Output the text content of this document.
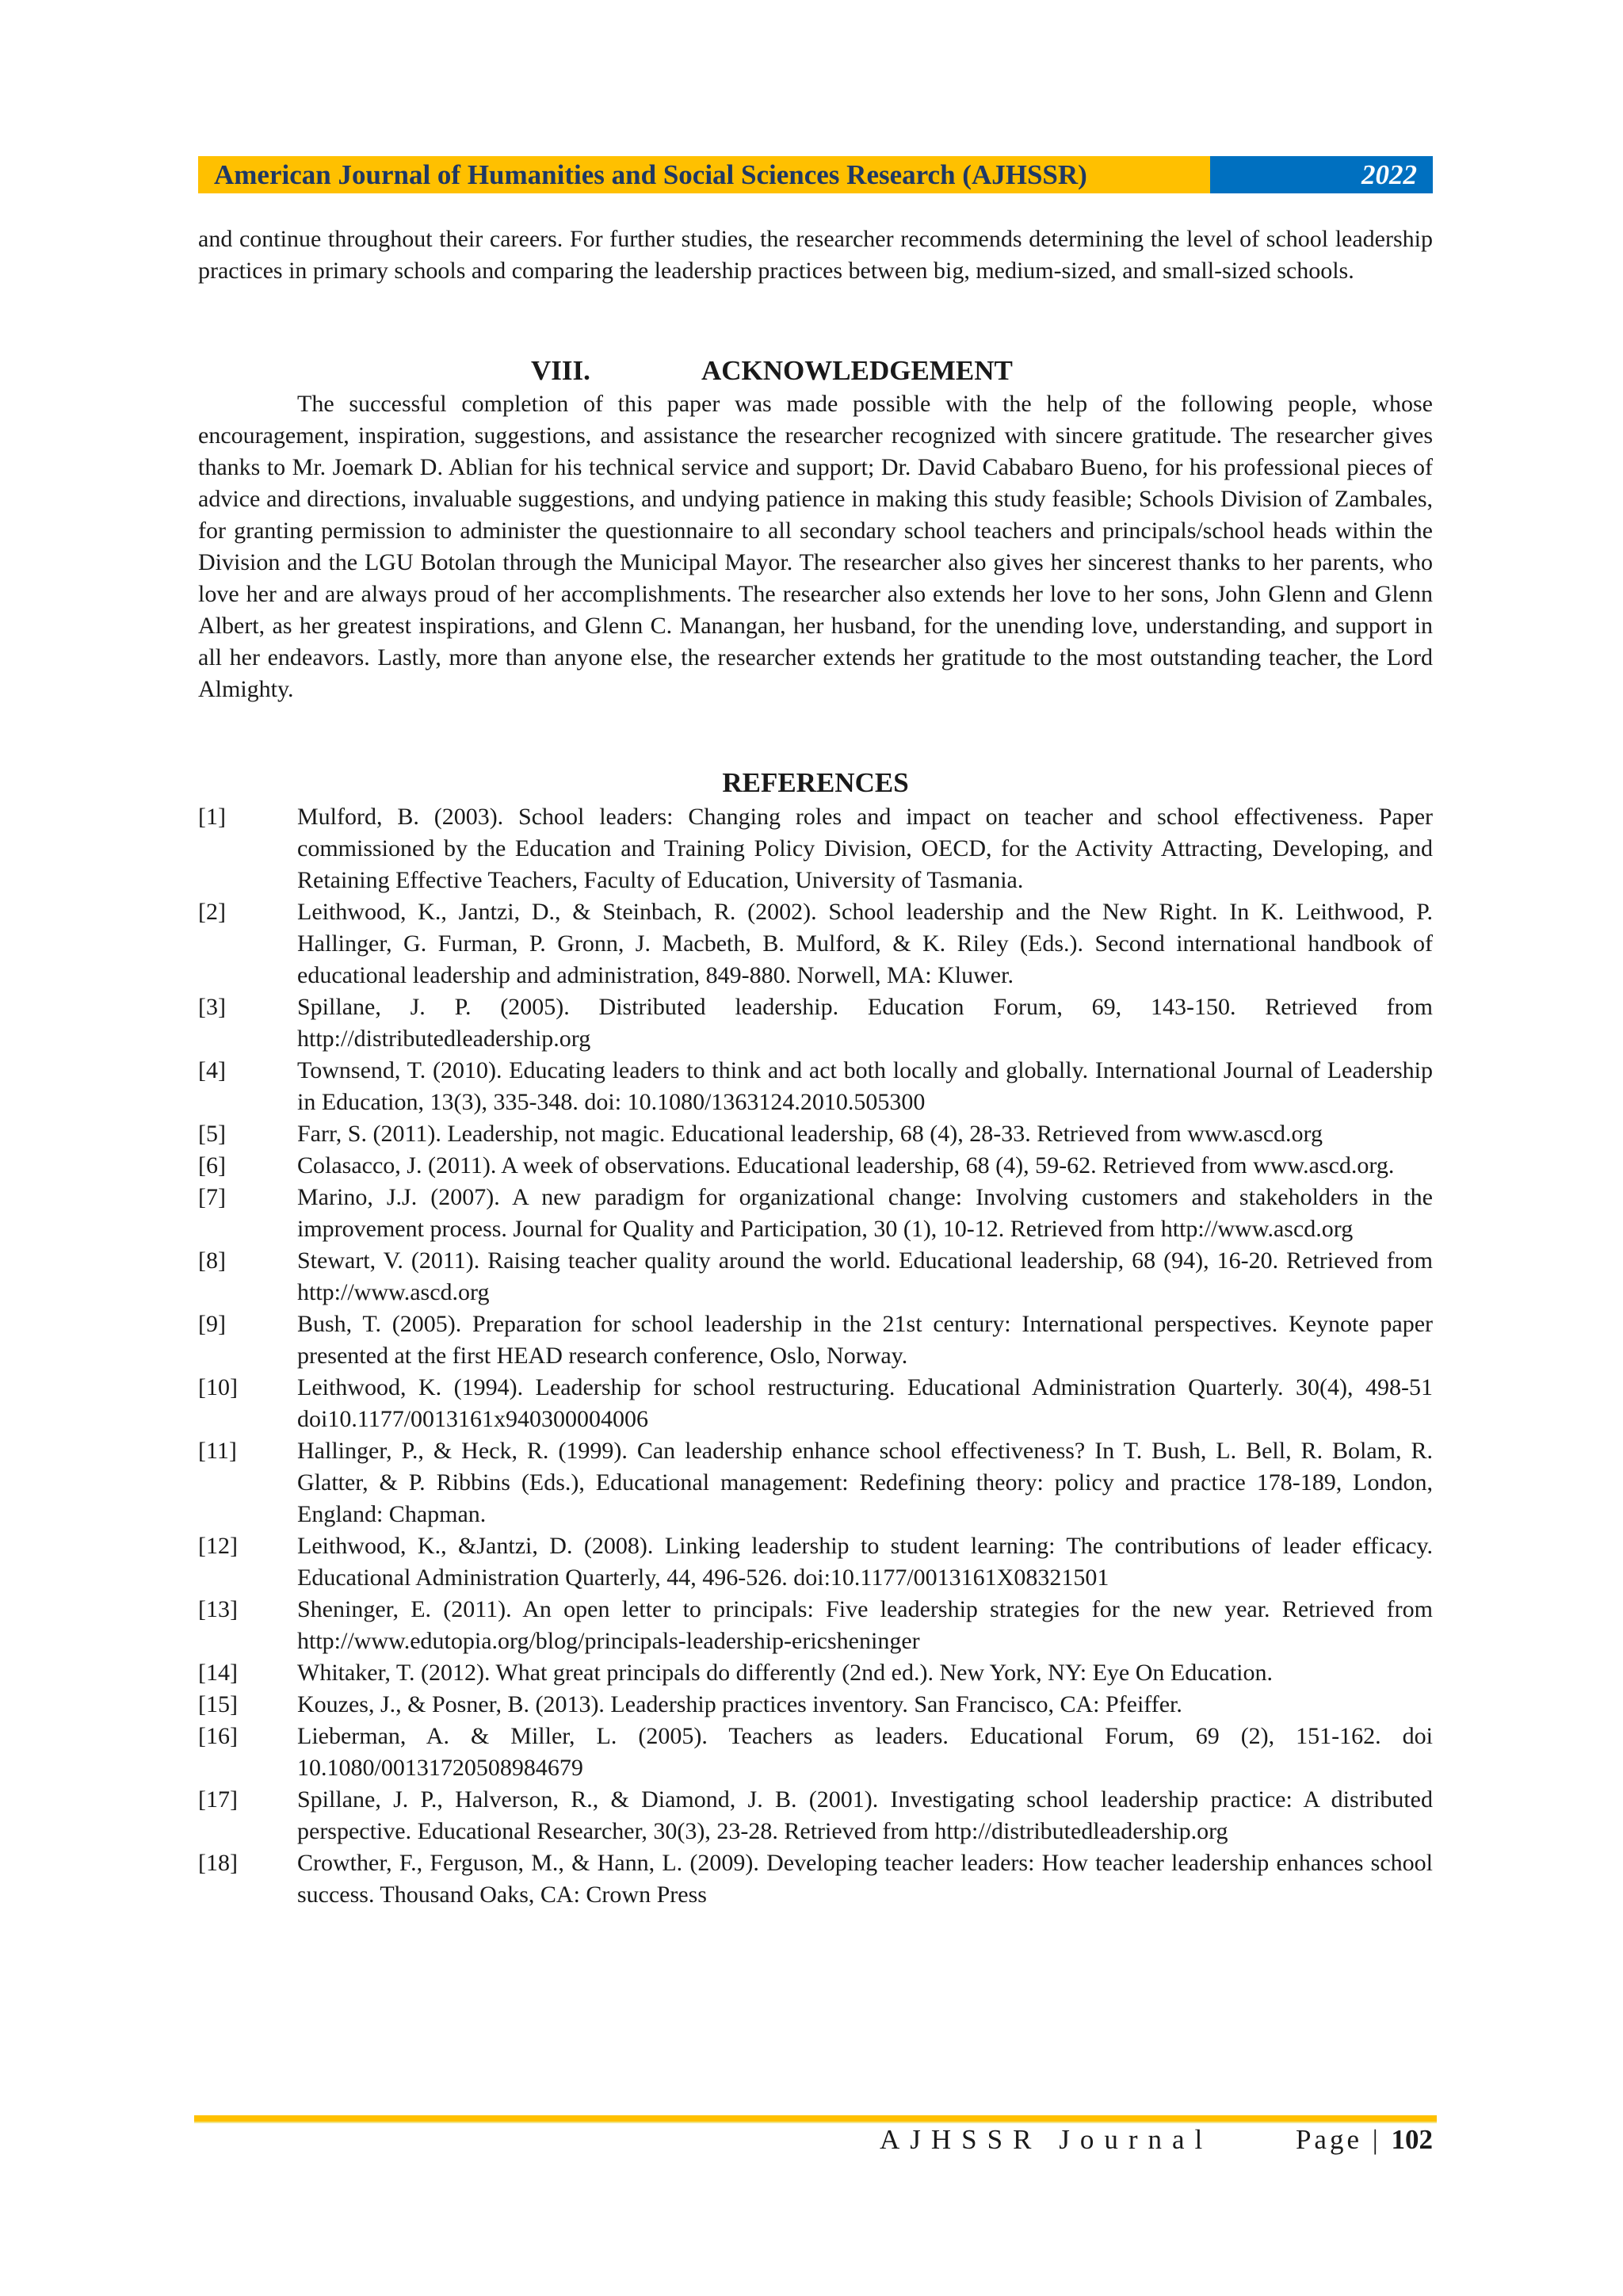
American Journal of Humanities and Social Sciences Research (AJHSSR)	2022

and continue throughout their careers. For further studies, the researcher recommends determining the level of school leadership practices in primary schools and comparing the leadership practices between big, medium-sized, and small-sized schools.

VIII.	ACKNOWLEDGEMENT

The successful completion of this paper was made possible with the help of the following people, whose encouragement, inspiration, suggestions, and assistance the researcher recognized with sincere gratitude. The researcher gives thanks to Mr. Joemark D. Ablian for his technical service and support; Dr. David Cababaro Bueno, for his professional pieces of advice and directions, invaluable suggestions, and undying patience in making this study feasible; Schools Division of Zambales, for granting permission to administer the questionnaire to all secondary school teachers and principals/school heads within the Division and the LGU Botolan through the Municipal Mayor. The researcher also gives her sincerest thanks to her parents, who love her and are always proud of her accomplishments. The researcher also extends her love to her sons, John Glenn and Glenn Albert, as her greatest inspirations, and Glenn C. Manangan, her husband, for the unending love, understanding, and support in all her endeavors. Lastly, more than anyone else, the researcher extends her gratitude to the most outstanding teacher, the Lord Almighty.

REFERENCES
[1]	Mulford, B. (2003). School leaders: Changing roles and impact on teacher and school effectiveness. Paper commissioned by the Education and Training Policy Division, OECD, for the Activity Attracting, Developing, and Retaining Effective Teachers, Faculty of Education, University of Tasmania.
[2]	Leithwood, K., Jantzi, D., & Steinbach, R. (2002). School leadership and the New Right. In K. Leithwood, P. Hallinger, G. Furman, P. Gronn, J. Macbeth, B. Mulford, & K. Riley (Eds.). Second international handbook of educational leadership and administration, 849-880. Norwell, MA: Kluwer.
[3]	Spillane, J. P. (2005). Distributed leadership. Education Forum, 69, 143-150. Retrieved from http://distributedleadership.org
[4]	Townsend, T. (2010). Educating leaders to think and act both locally and globally. International Journal of Leadership in Education, 13(3), 335-348. doi: 10.1080/1363124.2010.505300
[5]	Farr, S. (2011). Leadership, not magic. Educational leadership, 68 (4), 28-33. Retrieved from www.ascd.org
[6]	Colasacco, J. (2011). A week of observations. Educational leadership, 68 (4), 59-62. Retrieved from www.ascd.org.
[7]	Marino, J.J. (2007). A new paradigm for organizational change: Involving customers and stakeholders in the improvement process. Journal for Quality and Participation, 30 (1), 10-12. Retrieved from http://www.ascd.org
[8]	Stewart, V. (2011). Raising teacher quality around the world. Educational leadership, 68 (94), 16-20. Retrieved from http://www.ascd.org
[9]	Bush, T. (2005). Preparation for school leadership in the 21st century: International perspectives. Keynote paper presented at the first HEAD research conference, Oslo, Norway.
[10]	Leithwood, K. (1994). Leadership for school restructuring. Educational Administration Quarterly. 30(4), 498-51 doi10.1177/0013161x940300004006
[11]	Hallinger, P., & Heck, R. (1999). Can leadership enhance school effectiveness? In T. Bush, L. Bell, R. Bolam, R. Glatter, & P. Ribbins (Eds.), Educational management: Redefining theory: policy and practice 178-189, London, England: Chapman.
[12]	Leithwood, K., &Jantzi, D. (2008). Linking leadership to student learning: The contributions of leader efficacy. Educational Administration Quarterly, 44, 496-526. doi:10.1177/0013161X08321501
[13]	Sheninger, E. (2011). An open letter to principals: Five leadership strategies for the new year. Retrieved from http://www.edutopia.org/blog/principals-leadership-ericsheninger
[14]	Whitaker, T. (2012). What great principals do differently (2nd ed.). New York, NY: Eye On Education.
[15]	Kouzes, J., & Posner, B. (2013). Leadership practices inventory. San Francisco, CA: Pfeiffer.
[16]	Lieberman, A. & Miller, L. (2005). Teachers as leaders. Educational Forum, 69 (2), 151-162. doi 10.1080/00131720508984679
[17]	Spillane, J. P., Halverson, R., & Diamond, J. B. (2001). Investigating school leadership practice: A distributed perspective. Educational Researcher, 30(3), 23-28. Retrieved from http://distributedleadership.org
[18]	Crowther, F., Ferguson, M., & Hann, L. (2009). Developing teacher leaders: How teacher leadership enhances school success. Thousand Oaks, CA: Crown Press
AJHSSR Journal	Page | 102
